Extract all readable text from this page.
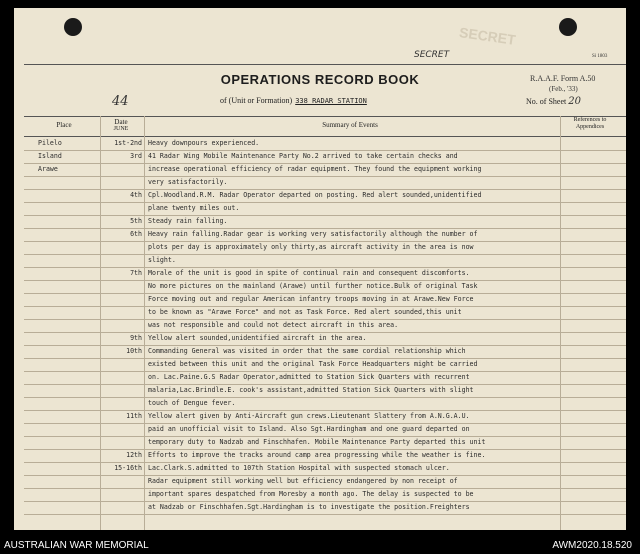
SECRET
SECRET	Si 1803
OPERATIONS RECORD BOOK	R.A.A.F. Form A.50
(Feb., '33)
44	of (Unit or Formation) 338 RADAR STATION	No. of Sheet 20
Place	Date
JUNE	Summary of Events
References to Appendices
Pilelo	1st-2nd Heavy downpours experienced.
Island	3rd 41 Radar Wing Mobile Maintenance Party No.2 arrived to take certain checks and
Arawe	increase operational efficiency of radar equipment. They found the equipment working
very satisfactorily.
4th Cpl.Woodland.R.M. Radar Operator departed on posting. Red alert sounded,unidentified
plane twenty miles out.
5th Steady rain falling.
6th Heavy rain falling.Radar gear is working very satisfactorily although the number of
plots per day is approximately only thirty,as aircraft activity in the area is now
slight.
7th Morale of the unit is good in spite of continual rain and consequent discomforts.
No more pictures on the mainland (Arawe) until further notice.Bulk of original Task
Force moving out and regular American infantry troops moving in at Arawe.New Force
to be known as "Arawe Force" and not as Task Force. Red alert sounded,this unit
was not responsible and could not detect aircraft in this area.
9th Yellow alert sounded,unidentified aircraft in the area.
10th Commanding General was visited in order that the same cordial relationship which
existed between this unit and the original Task Force Headquarters might be carried
on. Lac.Paine.G.S Radar Operator,admitted to Station Sick Quarters with recurrent
malaria,Lac.Brindle.E. cook's assistant,admitted Station Sick Quarters with slight
touch of Dengue fever.
11th Yellow alert given by Anti-Aircraft gun crews.Lieutenant Slattery from A.N.G.A.U.
paid an unofficial visit to Island. Also Sgt.Hardingham and one guard departed on
temporary duty to Nadzab and Finschhafen. Mobile Maintenance Party departed this unit
12th Efforts to improve the tracks around camp area progressing while the weather is fine.
15-16th Lac.Clark.S.admitted to 107th Station Hospital with suspected stomach ulcer.
Radar equipment still working well but efficiency endangered by non receipt of
important spares despatched from Moresby a month ago. The delay is suspected to be
at Nadzab or Finschhafen.Sgt.Hardingham is to investigate the position.Freighters
AUSTRALIAN WAR MEMORIAL	AWM2020.18.520
